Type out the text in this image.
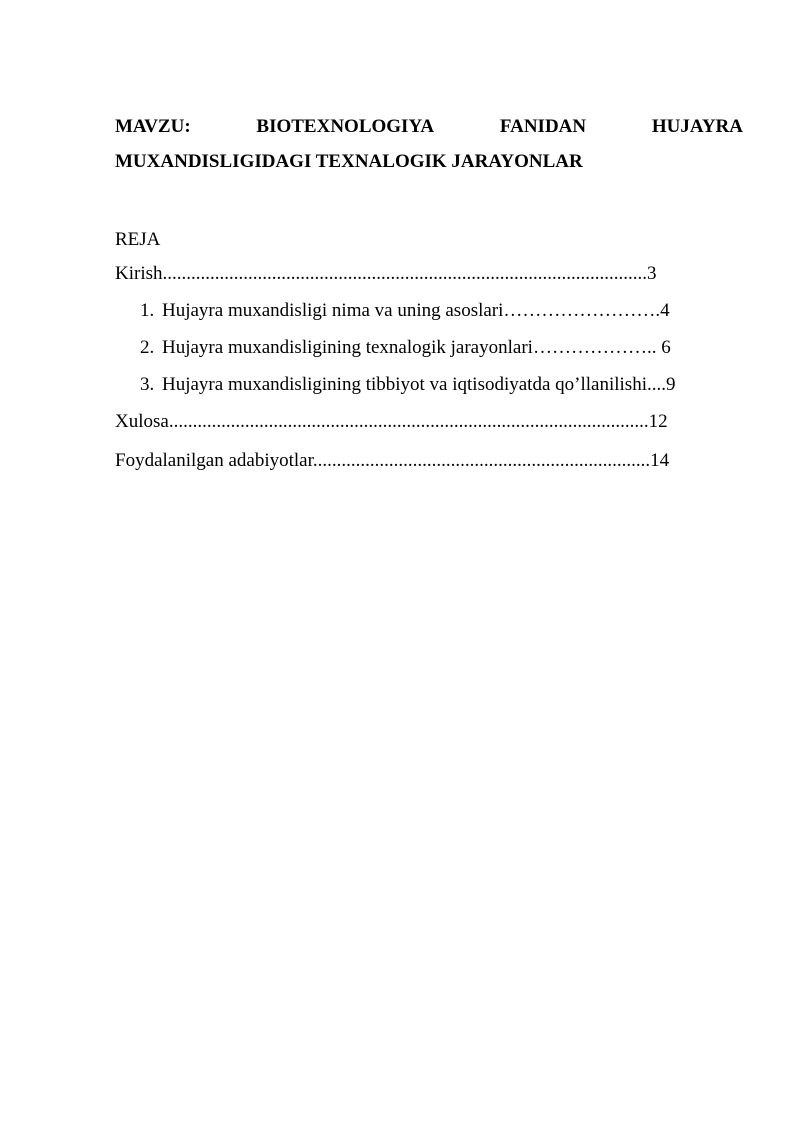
MAVZU:	BIOTEXNOLOGIYA	FANIDAN	HUJAYRA
MUXANDISLIGIDAGI TEXNALOGIK JARAYONLAR
REJA
Kirish......................................................................................................3
1. Hujayra muxandisligi nima va uning asoslari…………………….4
2. Hujayra muxandisligining texnalogik jarayonlari……………….. 6
3. Hujayra muxandisligining tibbiyot va iqtisodiyatda qo’llanilishi....9
Xulosa.....................................................................................................12
Foydalanilgan adabiyotlar.......................................................................14
